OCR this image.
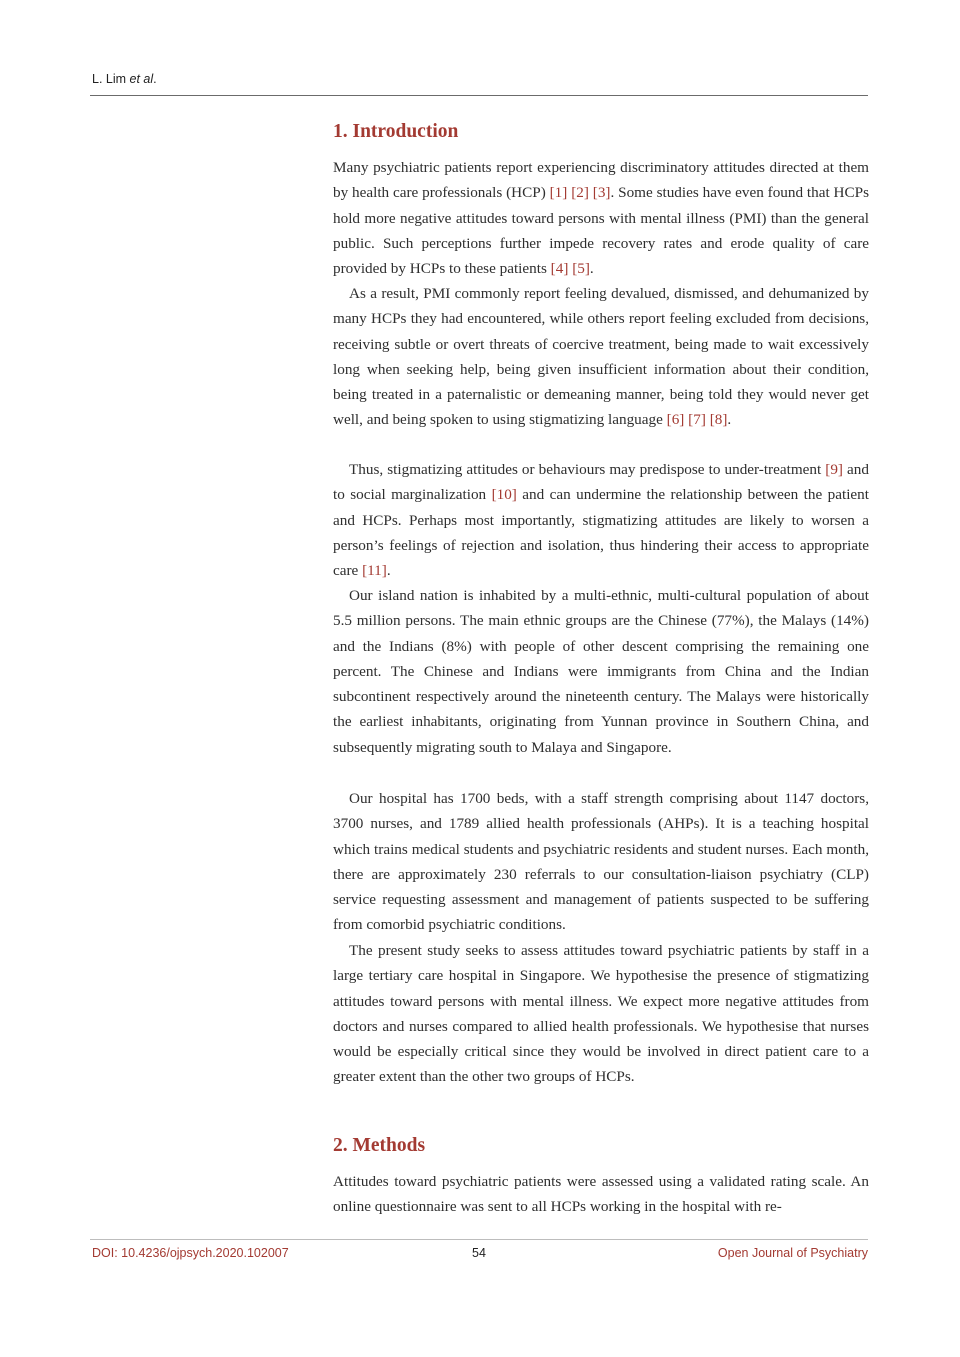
L. Lim et al.
1. Introduction

Many psychiatric patients report experiencing discriminatory attitudes directed at them by health care professionals (HCP) [1] [2] [3]. Some studies have even found that HCPs hold more negative attitudes toward persons with mental illness (PMI) than the general public. Such perceptions further impede recovery rates and erode quality of care provided by HCPs to these patients [4] [5].

As a result, PMI commonly report feeling devalued, dismissed, and dehumanized by many HCPs they had encountered, while others report feeling excluded from decisions, receiving subtle or overt threats of coercive treatment, being made to wait excessively long when seeking help, being given insufficient information about their condition, being treated in a paternalistic or demeaning manner, being told they would never get well, and being spoken to using stigmatizing language [6] [7] [8].

Thus, stigmatizing attitudes or behaviours may predispose to under-treatment [9] and to social marginalization [10] and can undermine the relationship between the patient and HCPs. Perhaps most importantly, stigmatizing attitudes are likely to worsen a person’s feelings of rejection and isolation, thus hindering their access to appropriate care [11].

Our island nation is inhabited by a multi-ethnic, multi-cultural population of about 5.5 million persons. The main ethnic groups are the Chinese (77%), the Malays (14%) and the Indians (8%) with people of other descent comprising the remaining one percent. The Chinese and Indians were immigrants from China and the Indian subcontinent respectively around the nineteenth century. The Malays were historically the earliest inhabitants, originating from Yunnan province in Southern China, and subsequently migrating south to Malaya and Singapore.

Our hospital has 1700 beds, with a staff strength comprising about 1147 doctors, 3700 nurses, and 1789 allied health professionals (AHPs). It is a teaching hospital which trains medical students and psychiatric residents and student nurses. Each month, there are approximately 230 referrals to our consultation-liaison psychiatry (CLP) service requesting assessment and management of patients suspected to be suffering from comorbid psychiatric conditions.

The present study seeks to assess attitudes toward psychiatric patients by staff in a large tertiary care hospital in Singapore. We hypothesise the presence of stigmatizing attitudes toward persons with mental illness. We expect more negative attitudes from doctors and nurses compared to allied health professionals. We hypothesise that nurses would be especially critical since they would be involved in direct patient care to a greater extent than the other two groups of HCPs.

2. Methods

Attitudes toward psychiatric patients were assessed using a validated rating scale. An online questionnaire was sent to all HCPs working in the hospital with re-

DOI: 10.4236/ojpsych.2020.102007	54	Open Journal of Psychiatry
